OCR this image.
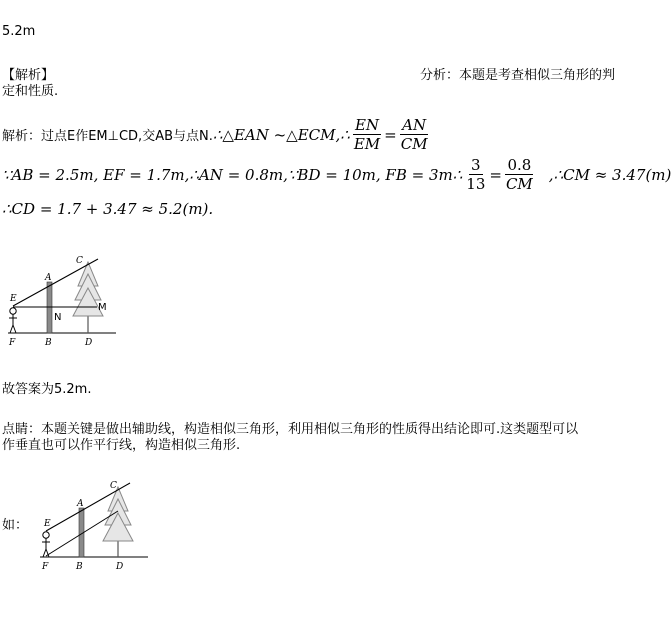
5.2m
【解析】	分析：本题是考查相似三角形的判
定和性质.
解析：过点E作EM⊥CD,交AB与点N. ∴△EAN ~△ECM,∴ $\frac{EN}{EM} = \frac{AN}{CM}$
∵AB = 2.5m, EF = 1.7m,∴AN = 0.8m,∵BD = 10m, FB = 3m∴ $\frac{3}{13} = \frac{0.8}{CM}$ ,∴CM ≈ 3.47(m)
∴CD = 1.7 + 3.47 ≈ 5.2(m).
E
A
C
M
N
F	B	D
故答案为5.2m.
点睛：本题关键是做出辅助线，构造相似三角形，利用相似三角形的性质得出结论即可.这类题型可以
作垂直也可以作平行线，构造相似三角形.
如： E
A
C
F	B	D
